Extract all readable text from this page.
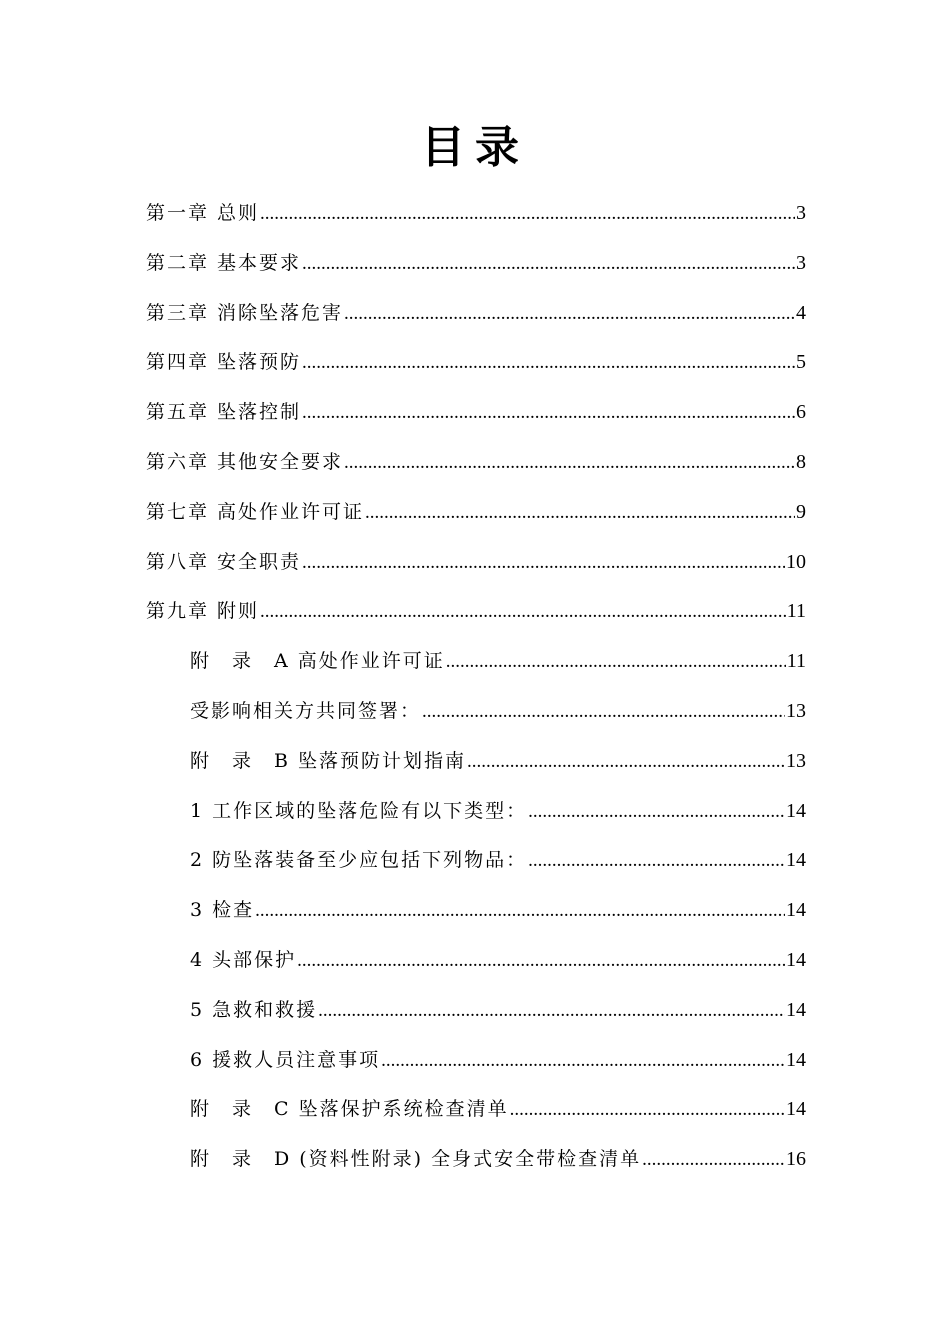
目录
第一章 总则 .....	3
第二章 基本要求 .....	3
第三章 消除坠落危害 .....	4
第四章 坠落预防 .....	5
第五章 坠落控制 .....	6
第六章 其他安全要求 .....	8
第七章 高处作业许可证 .....	9
第八章 安全职责 .....	10
第九章 附则 .....	11
附　录　A 高处作业许可证 .....	11
受影响相关方共同签署： .....	13
附　录　B 坠落预防计划指南 .....	13
1 工作区域的坠落危险有以下类型： .....	14
2 防坠落装备至少应包括下列物品： .....	14
3 检查 .....	14
4 头部保护 .....	14
5 急救和救援 .....	14
6 援救人员注意事项 .....	14
附　录　C 坠落保护系统检查清单 .....	14
附　录　D (资料性附录) 全身式安全带检查清单 .....	16
